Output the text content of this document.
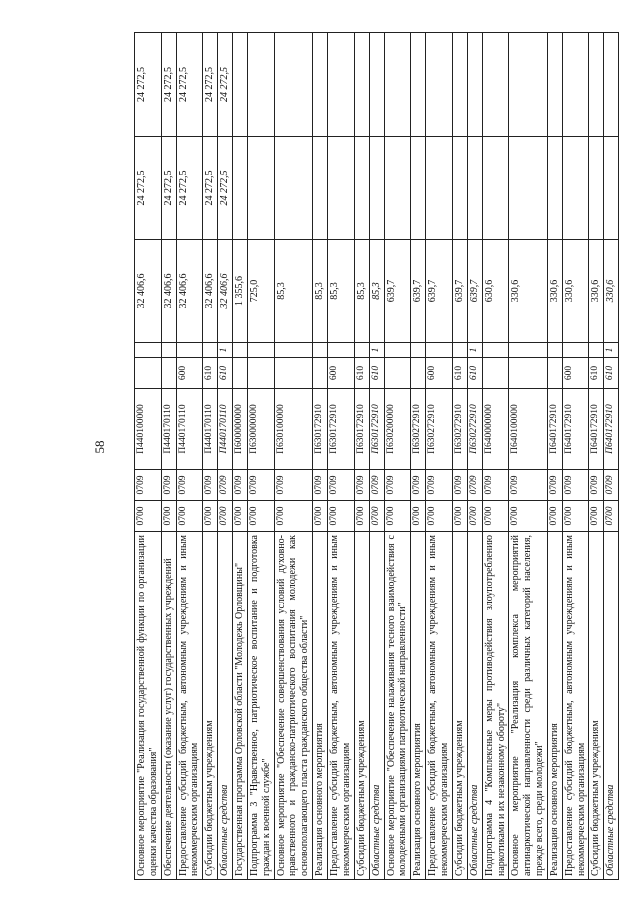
58
Основное мероприятие "Реализация государственной функции по организации оценки качества образования"	0700	0709	П440100000			32 406,6	24 272,5	24 272,5
Обеспечение деятельности (оказание услуг) государственных учреждений	0700	0709	П440170110			32 406,6	24 272,5	24 272,5
Предоставление субсидий бюджетным, автономным учреждениям и иным некоммерческим организациям	0700	0709	П440170110	600		32 406,6	24 272,5	24 272,5
Субсидии бюджетным учреждениям	0700	0709	П440170110	610		32 406,6	24 272,5	24 272,5
Областные средства	0700	0709	П440170110	610	1	32 406,6	24 272,5	24 272,5
Государственная программа Орловской области "Молодежь Орловщины"	0700	0709	П600000000			1 355,6		
Подпрограмма 3 "Нравственное, патриотическое воспитание и подготовка граждан к военной службе"	0700	0709	П630000000			725,0		
Основное мероприятие "Обеспечение совершенствования условий духовно-нравственного и гражданско-патриотического воспитания молодежи как основополагающего пласта гражданского общества области"	0700	0709	П630100000			85,3		
Реализация основного мероприятия	0700	0709	П630172910			85,3		
Предоставление субсидий бюджетным, автономным учреждениям и иным некоммерческим организациям	0700	0709	П630172910	600		85,3		
Субсидии бюджетным учреждениям	0700	0709	П630172910	610		85,3		
Областные средства	0700	0709	П630172910	610	1	85,3		
Основное мероприятие "Обеспечение налаживания тесного взаимодействия с молодежными организациями патриотической направленности"	0700	0709	П630200000			639,7		
Реализация основного мероприятия	0700	0709	П630272910			639,7		
Предоставление субсидий бюджетным, автономным учреждениям и иным некоммерческим организациям	0700	0709	П630272910	600		639,7		
Субсидии бюджетным учреждениям	0700	0709	П630272910	610		639,7		
Областные средства	0700	0709	П630272910	610	1	639,7		
Подпрограмма 4 "Комплексные меры противодействия злоупотреблению наркотиками и их незаконному обороту"	0700	0709	П640000000			630,6		
Основное мероприятие "Реализация комплекса мероприятий антинаркотической направленности среди различных категорий населения, прежде всего, среди молодежи"	0700	0709	П640100000			330,6		
Реализация основного мероприятия	0700	0709	П640172910			330,6		
Предоставление субсидий бюджетным, автономным учреждениям и иным некоммерческим организациям	0700	0709	П640172910	600		330,6		
Субсидии бюджетным учреждениям	0700	0709	П640172910	610		330,6		
Областные средства	0700	0709	П640172910	610	1	330,6		
